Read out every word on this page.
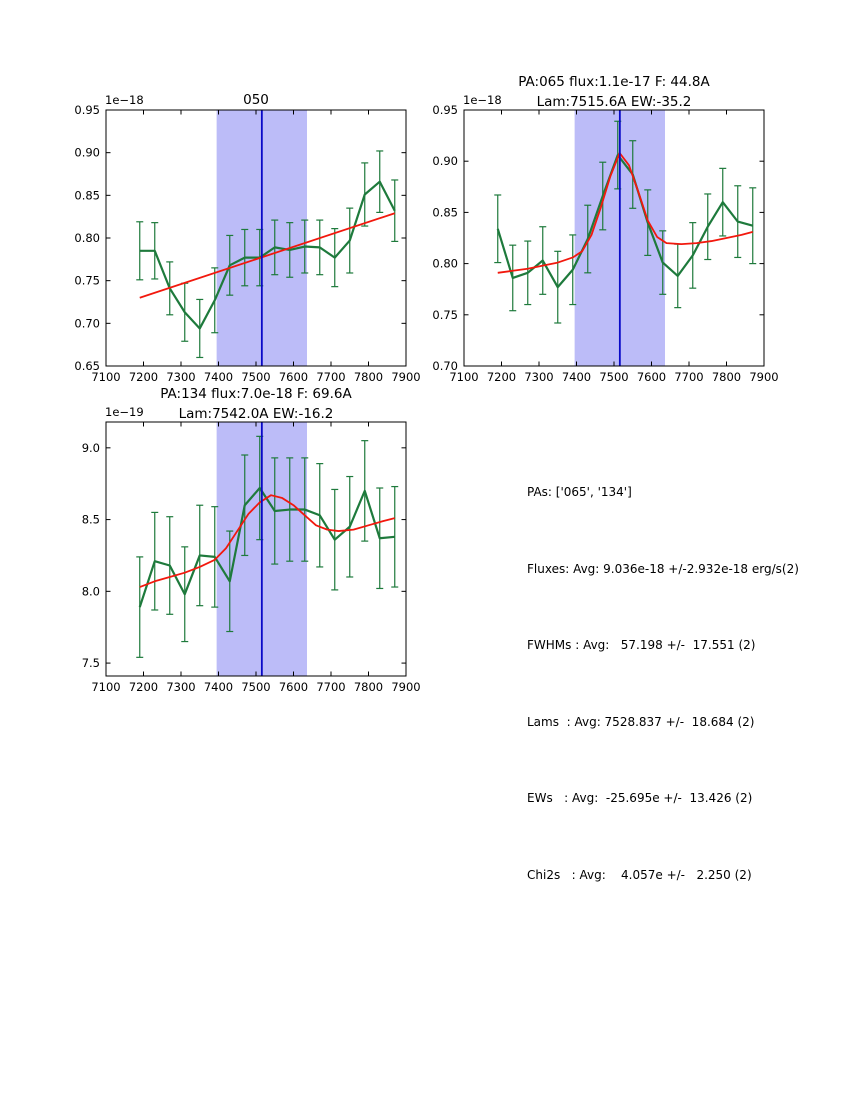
7100 7200 7300 7400 7500 7600 7700 7800 7900
0.95
0.90
0.85
0.80
0.75
0.70
0.65
1e−18	050
7100 7200 7300 7400 7500 7600 7700 7800 7900
0.95
0.90
0.85
0.80
0.75
0.70
1e−18
PA:065 flux:1.1e-17 F: 44.8A
Lam:7515.6A EW:-35.2
7100 7200 7300 7400 7500 7600 7700 7800 7900
9.0
8.5
8.0
7.5
1e−19
PA:134 flux:7.0e-18 F: 69.6A
Lam:7542.0A EW:-16.2

PAs: ['065', '134']

Fluxes: Avg: 9.036e-18 +/-2.932e-18 erg/s(2)

FWHMs : Avg:   57.198 +/-  17.551 (2)

Lams  : Avg: 7528.837 +/-  18.684 (2)

EWs   : Avg:  -25.695e +/-  13.426 (2)

Chi2s   : Avg:    4.057e +/-   2.250 (2)
